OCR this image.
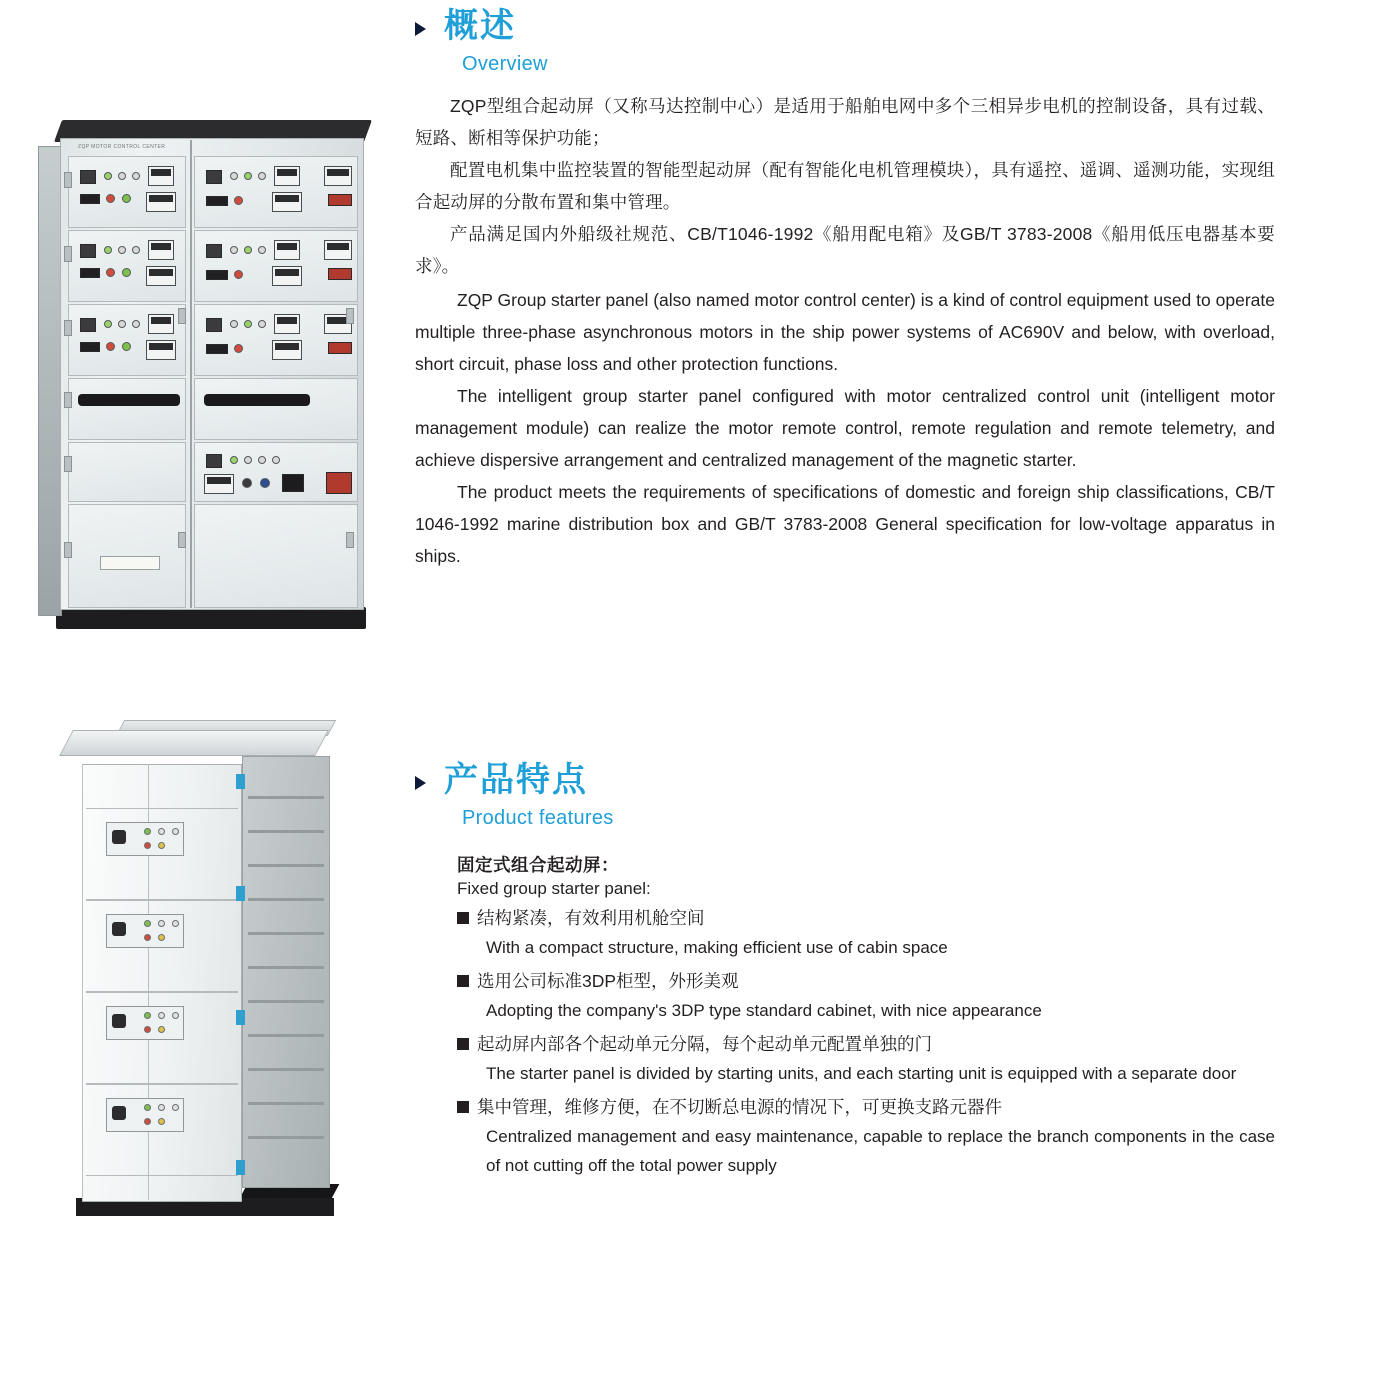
ZQP MOTOR CONTROL CENTER
概述
Overview

ZQP型组合起动屏（又称马达控制中心）是适用于船舶电网中多个三相异步电机的控制设备，具有过载、短路、断相等保护功能；

配置电机集中监控装置的智能型起动屏（配有智能化电机管理模块），具有遥控、遥调、遥测功能，实现组合起动屏的分散布置和集中管理。

产品满足国内外船级社规范、CB/T1046-1992《船用配电箱》及GB/T 3783-2008《船用低压电器基本要求》。

ZQP Group starter panel (also named motor control center) is a kind of control equipment used to operate multiple three-phase asynchronous motors in the ship power systems of AC690V and below, with overload, short circuit, phase loss and other protection functions.

The intelligent group starter panel configured with motor centralized control unit (intelligent motor management module) can realize the motor remote control, remote regulation and remote telemetry, and achieve dispersive arrangement and centralized management of the magnetic starter.

The product meets the requirements of specifications of domestic and foreign ship classifications, CB/T 1046-1992 marine distribution box and GB/T 3783-2008 General specification for low-voltage apparatus in ships.

产品特点
Product features

固定式组合起动屏：

Fixed group starter panel:

结构紧凑，有效利用机舱空间
With a compact structure, making efficient use of cabin space
选用公司标准3DP柜型，外形美观
Adopting the company's 3DP type standard cabinet, with nice appearance
起动屏内部各个起动单元分隔，每个起动单元配置单独的门
The starter panel is divided by starting units, and each starting unit is equipped with a separate door
集中管理，维修方便，在不切断总电源的情况下，可更换支路元器件
Centralized management and easy maintenance, capable to replace the branch components in the case of not cutting off the total power supply
